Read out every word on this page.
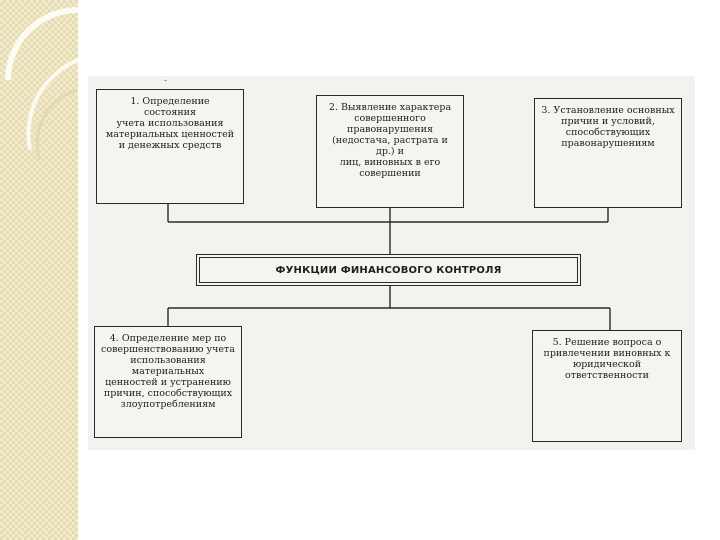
-
1. Определение состояния
учета использования
материальных ценностей
и денежных средств
2. Выявление характера
совершенного правонарушения
(недостача, растрата и др.) и
лиц, виновных в его
совершении
3. Установление основных
причин и условий,
способствующих
правонарушениям
ФУНКЦИИ ФИНАНСОВОГО КОНТРОЛЯ
4. Определение мер по
совершенствованию учета
использования материальных
ценностей и устранению
причин, способствующих
злоупотреблениям
5. Решение вопроса о
привлечении виновных к
юридической
ответственности
